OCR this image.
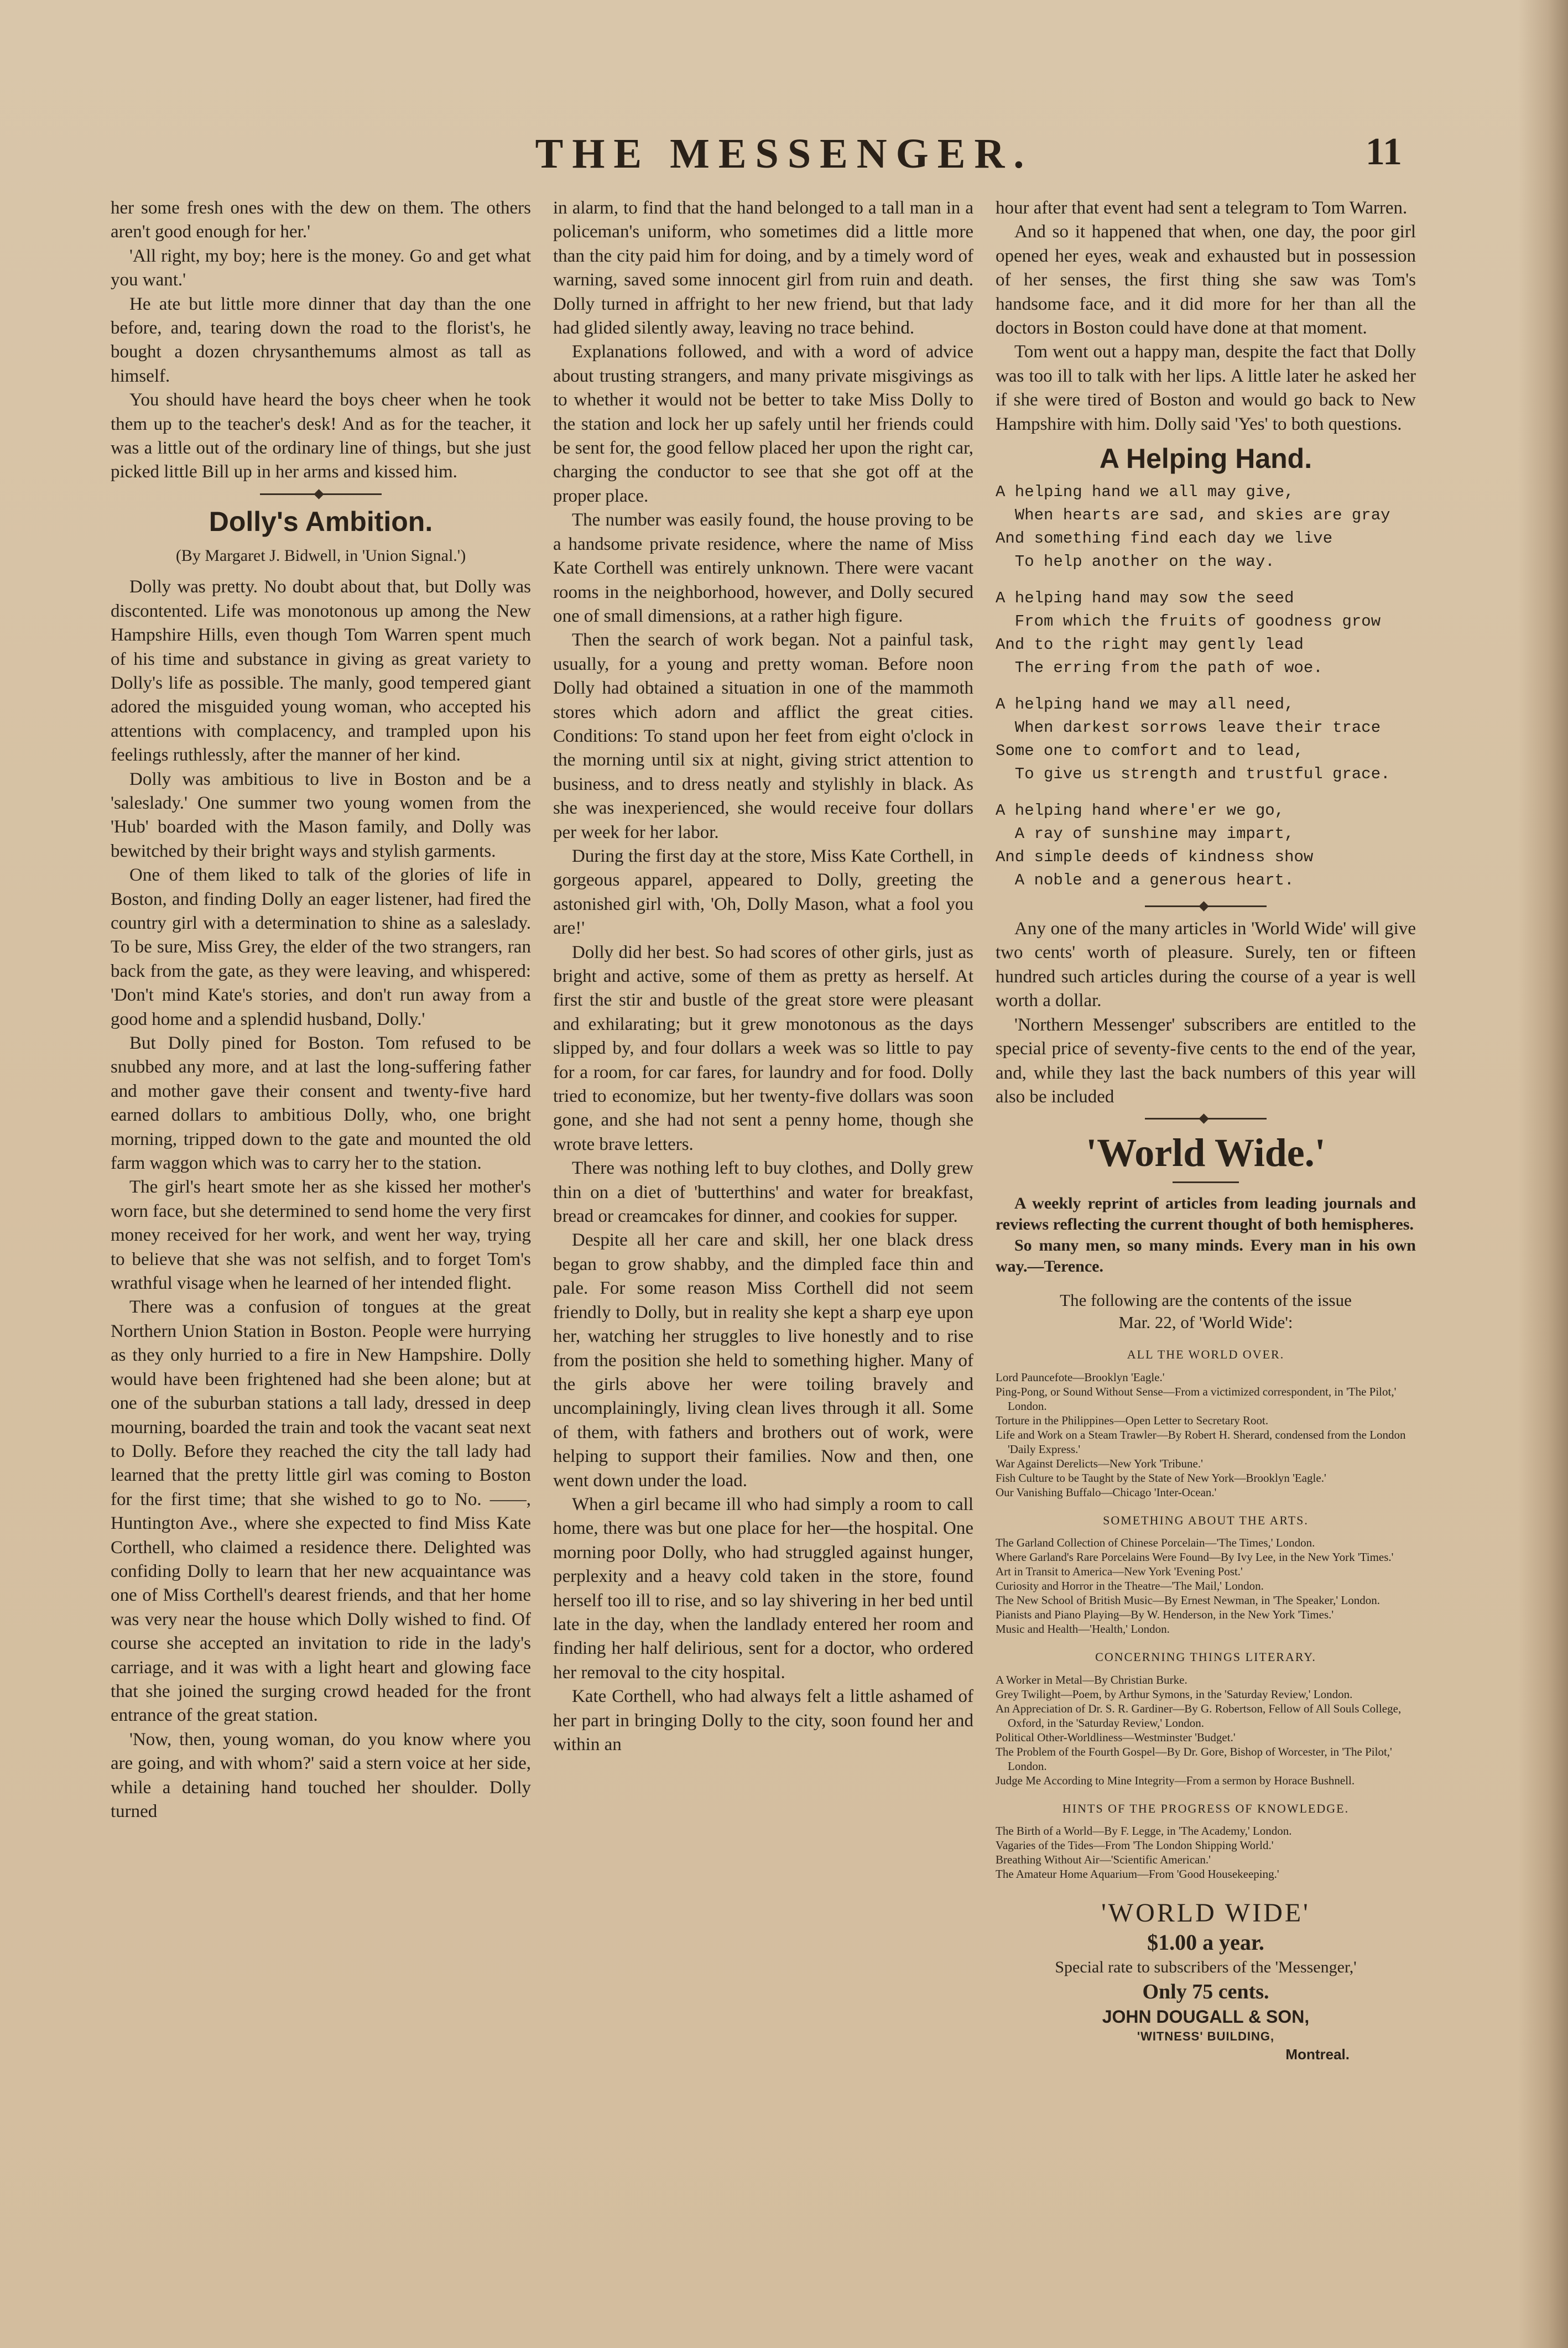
THE MESSENGER.	11

her some fresh ones with the dew on them. The others aren't good enough for her.'

'All right, my boy; here is the money. Go and get what you want.'

He ate but little more dinner that day than the one before, and, tearing down the road to the florist's, he bought a dozen chrysanthemums almost as tall as himself.

You should have heard the boys cheer when he took them up to the teacher's desk! And as for the teacher, it was a little out of the ordinary line of things, but she just picked little Bill up in her arms and kissed him.

Dolly's Ambition.
(By Margaret J. Bidwell, in 'Union Signal.')

Dolly was pretty. No doubt about that, but Dolly was discontented. Life was monotonous up among the New Hampshire Hills, even though Tom Warren spent much of his time and substance in giving as great variety to Dolly's life as possible. The manly, good tempered giant adored the misguided young woman, who accepted his attentions with complacency, and trampled upon his feelings ruthlessly, after the manner of her kind.

Dolly was ambitious to live in Boston and be a 'saleslady.' One summer two young women from the 'Hub' boarded with the Mason family, and Dolly was bewitched by their bright ways and stylish garments.

One of them liked to talk of the glories of life in Boston, and finding Dolly an eager listener, had fired the country girl with a determination to shine as a saleslady. To be sure, Miss Grey, the elder of the two strangers, ran back from the gate, as they were leaving, and whispered: 'Don't mind Kate's stories, and don't run away from a good home and a splendid husband, Dolly.'

But Dolly pined for Boston. Tom refused to be snubbed any more, and at last the long-suffering father and mother gave their consent and twenty-five hard earned dollars to ambitious Dolly, who, one bright morning, tripped down to the gate and mounted the old farm waggon which was to carry her to the station.

The girl's heart smote her as she kissed her mother's worn face, but she determined to send home the very first money received for her work, and went her way, trying to believe that she was not selfish, and to forget Tom's wrathful visage when he learned of her intended flight.

There was a confusion of tongues at the great Northern Union Station in Boston. People were hurrying as they only hurried to a fire in New Hampshire. Dolly would have been frightened had she been alone; but at one of the suburban stations a tall lady, dressed in deep mourning, boarded the train and took the vacant seat next to Dolly. Before they reached the city the tall lady had learned that the pretty little girl was coming to Boston for the first time; that she wished to go to No. ——, Huntington Ave., where she expected to find Miss Kate Corthell, who claimed a residence there. Delighted was confiding Dolly to learn that her new acquaintance was one of Miss Corthell's dearest friends, and that her home was very near the house which Dolly wished to find. Of course she accepted an invitation to ride in the lady's carriage, and it was with a light heart and glowing face that she joined the surging crowd headed for the front entrance of the great station.

'Now, then, young woman, do you know where you are going, and with whom?' said a stern voice at her side, while a detaining hand touched her shoulder. Dolly turned

in alarm, to find that the hand belonged to a tall man in a policeman's uniform, who sometimes did a little more than the city paid him for doing, and by a timely word of warning, saved some innocent girl from ruin and death. Dolly turned in affright to her new friend, but that lady had glided silently away, leaving no trace behind.

Explanations followed, and with a word of advice about trusting strangers, and many private misgivings as to whether it would not be better to take Miss Dolly to the station and lock her up safely until her friends could be sent for, the good fellow placed her upon the right car, charging the conductor to see that she got off at the proper place.

The number was easily found, the house proving to be a handsome private residence, where the name of Miss Kate Corthell was entirely unknown. There were vacant rooms in the neighborhood, however, and Dolly secured one of small dimensions, at a rather high figure.

Then the search of work began. Not a painful task, usually, for a young and pretty woman. Before noon Dolly had obtained a situation in one of the mammoth stores which adorn and afflict the great cities. Conditions: To stand upon her feet from eight o'clock in the morning until six at night, giving strict attention to business, and to dress neatly and stylishly in black. As she was inexperienced, she would receive four dollars per week for her labor.

During the first day at the store, Miss Kate Corthell, in gorgeous apparel, appeared to Dolly, greeting the astonished girl with, 'Oh, Dolly Mason, what a fool you are!'

Dolly did her best. So had scores of other girls, just as bright and active, some of them as pretty as herself. At first the stir and bustle of the great store were pleasant and exhilarating; but it grew monotonous as the days slipped by, and four dollars a week was so little to pay for a room, for car fares, for laundry and for food. Dolly tried to economize, but her twenty-five dollars was soon gone, and she had not sent a penny home, though she wrote brave letters.

There was nothing left to buy clothes, and Dolly grew thin on a diet of 'butterthins' and water for breakfast, bread or creamcakes for dinner, and cookies for supper.

Despite all her care and skill, her one black dress began to grow shabby, and the dimpled face thin and pale. For some reason Miss Corthell did not seem friendly to Dolly, but in reality she kept a sharp eye upon her, watching her struggles to live honestly and to rise from the position she held to something higher. Many of the girls above her were toiling bravely and uncomplainingly, living clean lives through it all. Some of them, with fathers and brothers out of work, were helping to support their families. Now and then, one went down under the load.

When a girl became ill who had simply a room to call home, there was but one place for her—the hospital. One morning poor Dolly, who had struggled against hunger, perplexity and a heavy cold taken in the store, found herself too ill to rise, and so lay shivering in her bed until late in the day, when the landlady entered her room and finding her half delirious, sent for a doctor, who ordered her removal to the city hospital.

Kate Corthell, who had always felt a little ashamed of her part in bringing Dolly to the city, soon found her and within an

hour after that event had sent a telegram to Tom Warren.

And so it happened that when, one day, the poor girl opened her eyes, weak and exhausted but in possession of her senses, the first thing she saw was Tom's handsome face, and it did more for her than all the doctors in Boston could have done at that moment.

Tom went out a happy man, despite the fact that Dolly was too ill to talk with her lips. A little later he asked her if she were tired of Boston and would go back to New Hampshire with him. Dolly said 'Yes' to both questions.

A Helping Hand.
A helping hand we all may give,
When hearts are sad, and skies are gray
And something find each day we live
To help another on the way.
A helping hand may sow the seed
From which the fruits of goodness grow
And to the right may gently lead
The erring from the path of woe.
A helping hand we may all need,
When darkest sorrows leave their trace
Some one to comfort and to lead,
To give us strength and trustful grace.
A helping hand where'er we go,
A ray of sunshine may impart,
And simple deeds of kindness show
A noble and a generous heart.

Any one of the many articles in 'World Wide' will give two cents' worth of pleasure. Surely, ten or fifteen hundred such articles during the course of a year is well worth a dollar.

'Northern Messenger' subscribers are entitled to the special price of seventy-five cents to the end of the year, and, while they last the back numbers of this year will also be included

'World Wide.'

A weekly reprint of articles from leading journals and reviews reflecting the current thought of both hemispheres.

So many men, so many minds. Every man in his own way.—Terence.

The following are the contents of the issue
Mar. 22, of 'World Wide':
ALL THE WORLD OVER.
Lord Pauncefote—Brooklyn 'Eagle.'
Ping-Pong, or Sound Without Sense—From a victimized correspondent, in 'The Pilot,' London.
Torture in the Philippines—Open Letter to Secretary Root.
Life and Work on a Steam Trawler—By Robert H. Sherard, condensed from the London 'Daily Express.'
War Against Derelicts—New York 'Tribune.'
Fish Culture to be Taught by the State of New York—Brooklyn 'Eagle.'
Our Vanishing Buffalo—Chicago 'Inter-Ocean.'
SOMETHING ABOUT THE ARTS.
The Garland Collection of Chinese Porcelain—'The Times,' London.
Where Garland's Rare Porcelains Were Found—By Ivy Lee, in the New York 'Times.'
Art in Transit to America—New York 'Evening Post.'
Curiosity and Horror in the Theatre—'The Mail,' London.
The New School of British Music—By Ernest Newman, in 'The Speaker,' London.
Pianists and Piano Playing—By W. Henderson, in the New York 'Times.'
Music and Health—'Health,' London.
CONCERNING THINGS LITERARY.
A Worker in Metal—By Christian Burke.
Grey Twilight—Poem, by Arthur Symons, in the 'Saturday Review,' London.
An Appreciation of Dr. S. R. Gardiner—By G. Robertson, Fellow of All Souls College, Oxford, in the 'Saturday Review,' London.
Political Other-Worldliness—Westminster 'Budget.'
The Problem of the Fourth Gospel—By Dr. Gore, Bishop of Worcester, in 'The Pilot,' London.
Judge Me According to Mine Integrity—From a sermon by Horace Bushnell.
HINTS OF THE PROGRESS OF KNOWLEDGE.
The Birth of a World—By F. Legge, in 'The Academy,' London.
Vagaries of the Tides—From 'The London Shipping World.'
Breathing Without Air—'Scientific American.'
The Amateur Home Aquarium—From 'Good Housekeeping.'
'WORLD WIDE'
$1.00 a year.
Special rate to subscribers of the 'Messenger,'
Only 75 cents.
JOHN DOUGALL & SON,
'WITNESS' BUILDING,
Montreal.
